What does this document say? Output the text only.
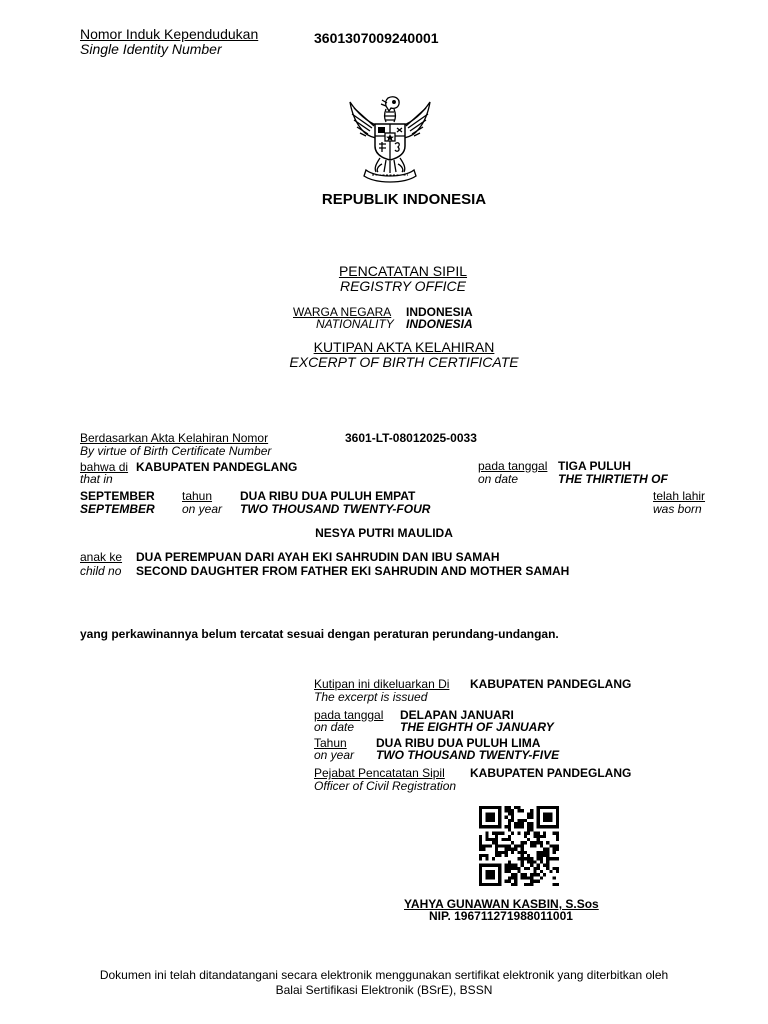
Nomor Induk Kependudukan
Single Identity Number
3601307009240001
REPUBLIK INDONESIA
PENCATATAN SIPIL
REGISTRY OFFICE
WARGA NEGARA INDONESIA
NATIONALITY INDONESIA
KUTIPAN AKTA KELAHIRAN
EXCERPT OF BIRTH CERTIFICATE
Berdasarkan Akta Kelahiran Nomor
By virtue of Birth Certificate Number
3601-LT-08012025-0033
bahwa di KABUPATEN PANDEGLANG
that in
pada tanggal
on date
TIGA PULUH
THE THIRTIETH OF
SEPTEMBER
SEPTEMBER
tahun
on year
DUA RIBU DUA PULUH EMPAT
TWO THOUSAND TWENTY-FOUR
telah lahir
was born
NESYA PUTRI MAULIDA
anak ke
child no
DUA PEREMPUAN DARI AYAH EKI SAHRUDIN DAN IBU SAMAH
SECOND DAUGHTER FROM FATHER EKI SAHRUDIN AND MOTHER SAMAH
yang perkawinannya belum tercatat sesuai dengan peraturan perundang-undangan.
Kutipan ini dikeluarkan Di
The excerpt is issued
KABUPATEN PANDEGLANG
pada tanggal
on date
DELAPAN JANUARI
THE EIGHTH OF JANUARY
Tahun
on year
DUA RIBU DUA PULUH LIMA
TWO THOUSAND TWENTY-FIVE
Pejabat Pencatatan Sipil
Officer of Civil Registration
KABUPATEN PANDEGLANG
YAHYA GUNAWAN KASBIN, S.Sos
NIP. 196711271988011001
Dokumen ini telah ditandatangani secara elektronik menggunakan sertifikat elektronik yang diterbitkan oleh
Balai Sertifikasi Elektronik (BSrE), BSSN
